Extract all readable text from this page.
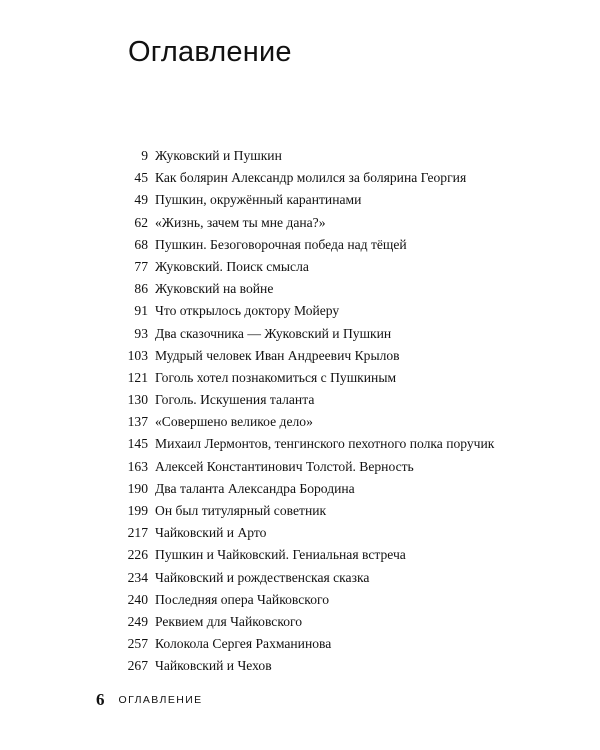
Оглавление
9 Жуковский и Пушкин
45 Как болярин Александр молился за болярина Георгия
49 Пушкин, окружённый карантинами
62 «Жизнь, зачем ты мне дана?»
68 Пушкин. Безоговорочная победа над тёщей
77 Жуковский. Поиск смысла
86 Жуковский на войне
91 Что открылось доктору Мойеру
93 Два сказочника — Жуковский и Пушкин
103 Мудрый человек Иван Андреевич Крылов
121 Гоголь хотел познакомиться с Пушкиным
130 Гоголь. Искушения таланта
137 «Совершено великое дело»
145 Михаил Лермонтов, тенгинского пехотного полка поручик
163 Алексей Константинович Толстой. Верность
190 Два таланта Александра Бородина
199 Он был титулярный советник
217 Чайковский и Арто
226 Пушкин и Чайковский. Гениальная встреча
234 Чайковский и рождественская сказка
240 Последняя опера Чайковского
249 Реквием для Чайковского
257 Колокола Сергея Рахманинова
267 Чайковский и Чехов
6 ОГЛАВЛЕНИЕ
